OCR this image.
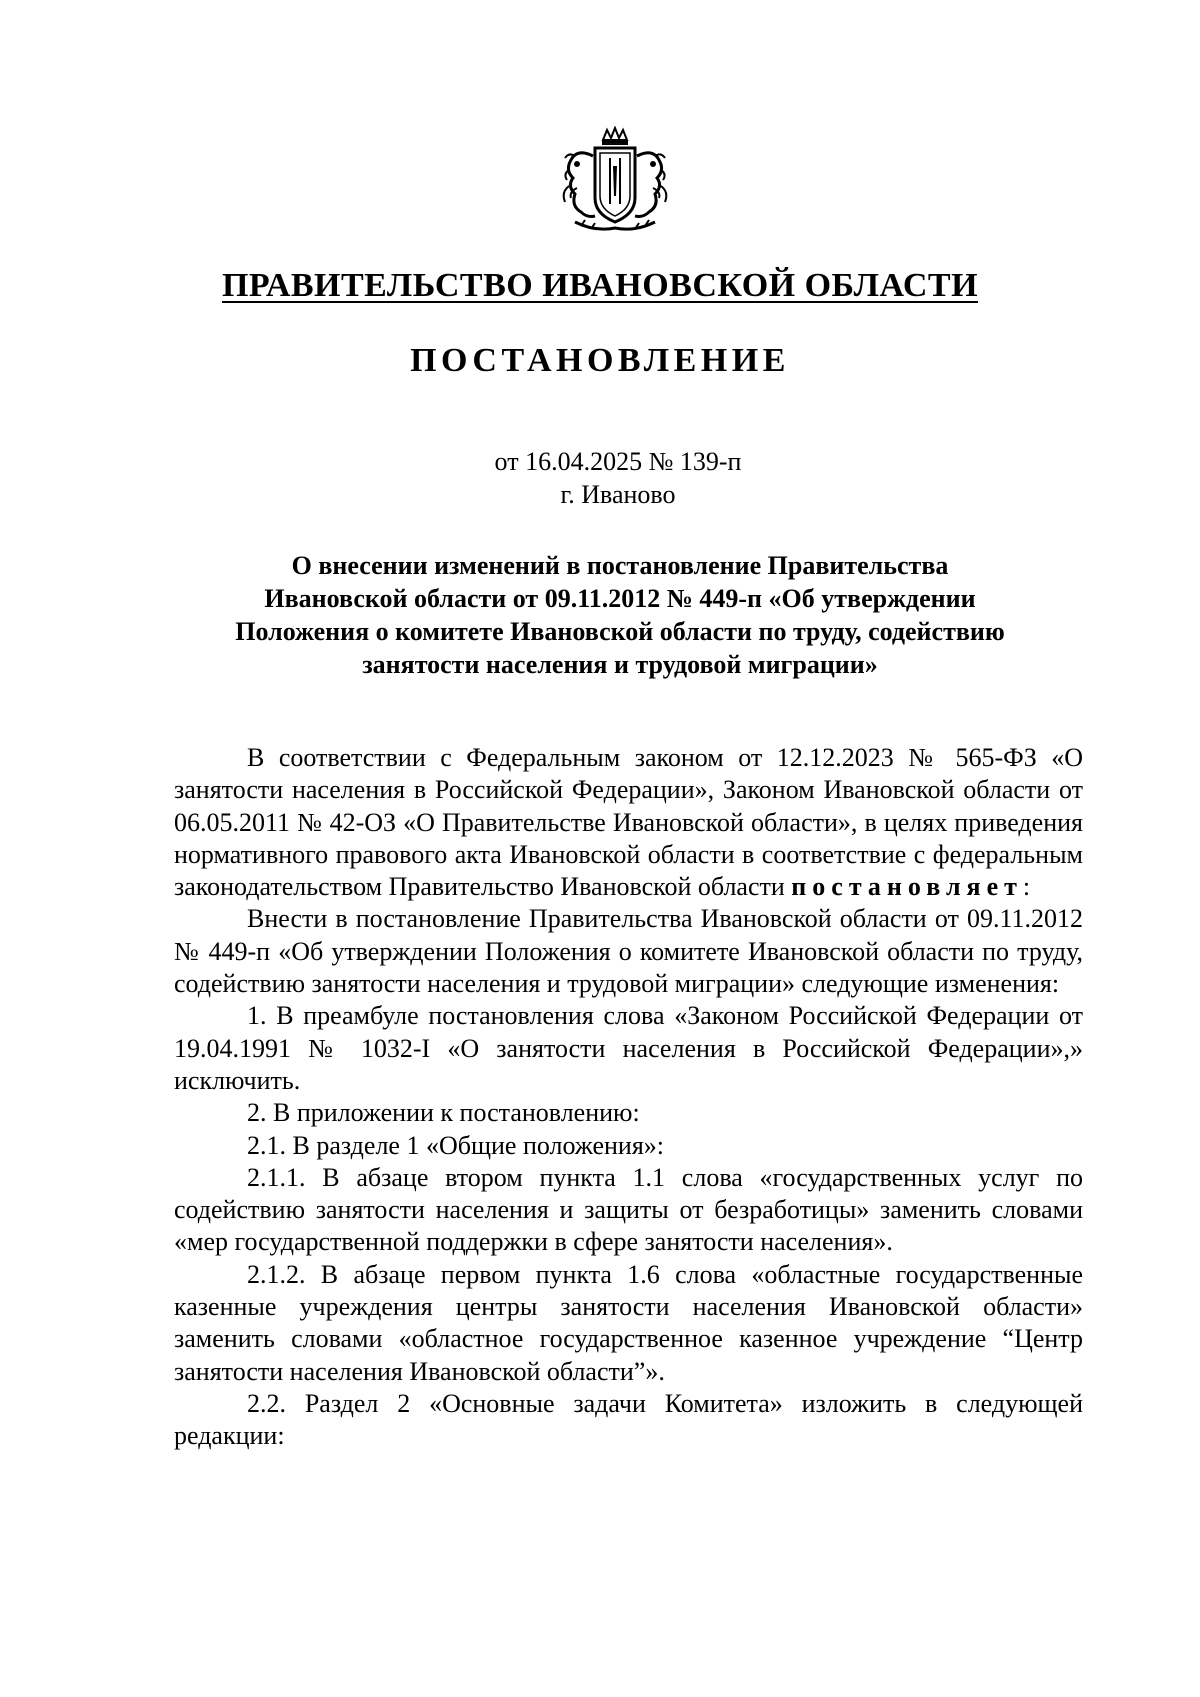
ПРАВИТЕЛЬСТВО ИВАНОВСКОЙ ОБЛАСТИ
ПОСТАНОВЛЕНИЕ
от 16.04.2025 № 139-п
г. Иваново
О внесении изменений в постановление Правительства
Ивановской области от 09.11.2012 № 449-п «Об утверждении
Положения о комитете Ивановской области по труду, содействию
занятости населения и трудовой миграции»

В соответствии с Федеральным законом от 12.12.2023 № 565-ФЗ «О занятости населения в Российской Федерации», Законом Ивановской области от 06.05.2011 № 42-ОЗ «О Правительстве Ивановской области», в целях приведения нормативного правового акта Ивановской области в соответствие с федеральным законодательством Правительство Ивановской области постановляет:

Внести в постановление Правительства Ивановской области от 09.11.2012 № 449-п «Об утверждении Положения о комитете Ивановской области по труду, содействию занятости населения и трудовой миграции» следующие изменения:

1. В преамбуле постановления слова «Законом Российской Федерации от 19.04.1991 № 1032-I «О занятости населения в Российской Федерации»,» исключить.

2. В приложении к постановлению:

2.1. В разделе 1 «Общие положения»:

2.1.1. В абзаце втором пункта 1.1 слова «государственных услуг по содействию занятости населения и защиты от безработицы» заменить словами «мер государственной поддержки в сфере занятости населения».

2.1.2. В абзаце первом пункта 1.6 слова «областные государственные казенные учреждения центры занятости населения Ивановской области» заменить словами «областное государственное казенное учреждение “Центр занятости населения Ивановской области”».

2.2. Раздел 2 «Основные задачи Комитета» изложить в следующей редакции:
